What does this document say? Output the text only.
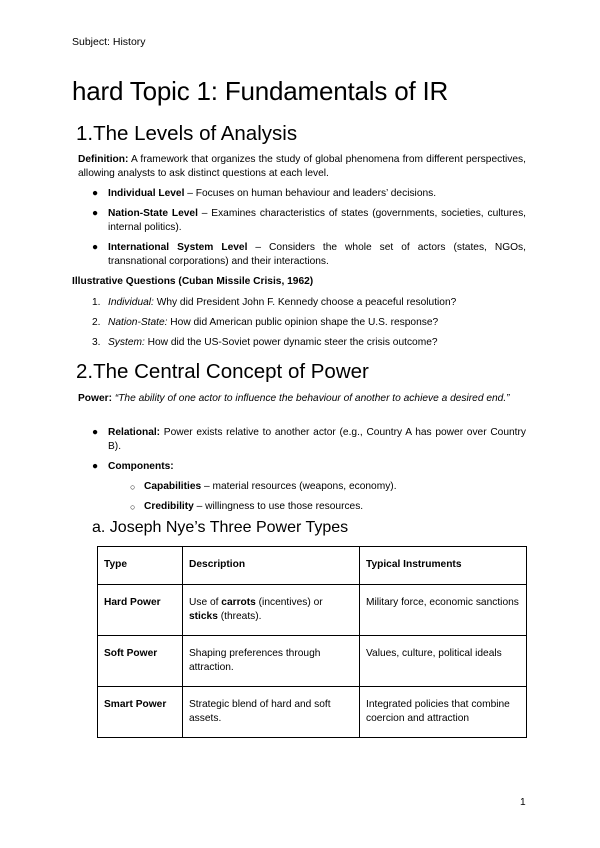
Subject: History
hard Topic 1: Fundamentals of IR
1.The Levels of Analysis
Definition: A framework that organizes the study of global phenomena from different perspectives, allowing analysts to ask distinct questions at each level.
● Individual Level – Focuses on human behaviour and leaders’ decisions.
● Nation-State Level – Examines characteristics of states (governments, societies, cultures, internal politics).
● International System Level – Considers the whole set of actors (states, NGOs, transnational corporations) and their interactions.
Illustrative Questions (Cuban Missile Crisis, 1962)
1. Individual: Why did President John F. Kennedy choose a peaceful resolution?
2. Nation-State: How did American public opinion shape the U.S. response?
3. System: How did the US-Soviet power dynamic steer the crisis outcome?
2.The Central Concept of Power
Power: “The ability of one actor to influence the behaviour of another to achieve a desired end.”
● Relational: Power exists relative to another actor (e.g., Country A has power over Country B).
● Components:
○ Capabilities – material resources (weapons, economy).
○ Credibility – willingness to use those resources.
a. Joseph Nye’s Three Power Types
Type	Description	Typical Instruments
Hard Power	Use of carrots (incentives) or sticks (threats).	Military force, economic sanctions
Soft Power	Shaping preferences through attraction.	Values, culture, political ideals
Smart Power	Strategic blend of hard and soft assets.	Integrated policies that combine coercion and attraction
1
